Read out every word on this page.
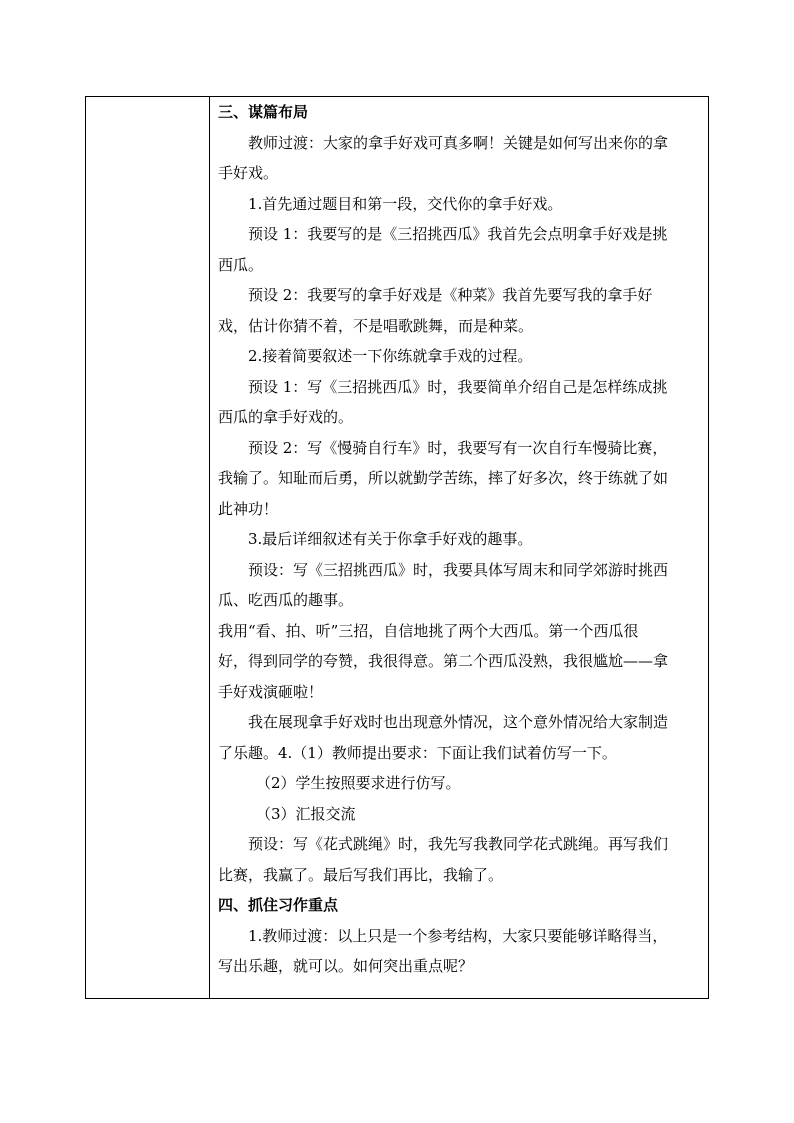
三、谋篇布局
教师过渡：大家的拿手好戏可真多啊！关键是如何写出来你的拿
手好戏。
1.首先通过题目和第一段，交代你的拿手好戏。
预设 1：我要写的是《三招挑西瓜》我首先会点明拿手好戏是挑
西瓜。
预设 2：我要写的拿手好戏是《种菜》我首先要写我的拿手好
戏，估计你猜不着，不是唱歌跳舞，而是种菜。
2.接着简要叙述一下你练就拿手戏的过程。
预设 1：写《三招挑西瓜》时，我要简单介绍自己是怎样练成挑
西瓜的拿手好戏的。
预设 2：写《慢骑自行车》时，我要写有一次自行车慢骑比赛，
我输了。知耻而后勇，所以就勤学苦练，摔了好多次，终于练就了如
此神功！
3.最后详细叙述有关于你拿手好戏的趣事。
预设：写《三招挑西瓜》时，我要具体写周末和同学郊游时挑西
瓜、吃西瓜的趣事。
我用“看、拍、听”三招，自信地挑了两个大西瓜。第一个西瓜很
好，得到同学的夸赞，我很得意。第二个西瓜没熟，我很尴尬——拿
手好戏演砸啦！
我在展现拿手好戏时也出现意外情况，这个意外情况给大家制造
了乐趣。4.（1）教师提出要求：下面让我们试着仿写一下。
（2）学生按照要求进行仿写。
（3）汇报交流
预设：写《花式跳绳》时，我先写我教同学花式跳绳。再写我们
比赛，我赢了。最后写我们再比，我输了。
四、抓住习作重点
1.教师过渡：以上只是一个参考结构，大家只要能够详略得当，
写出乐趣，就可以。如何突出重点呢？
